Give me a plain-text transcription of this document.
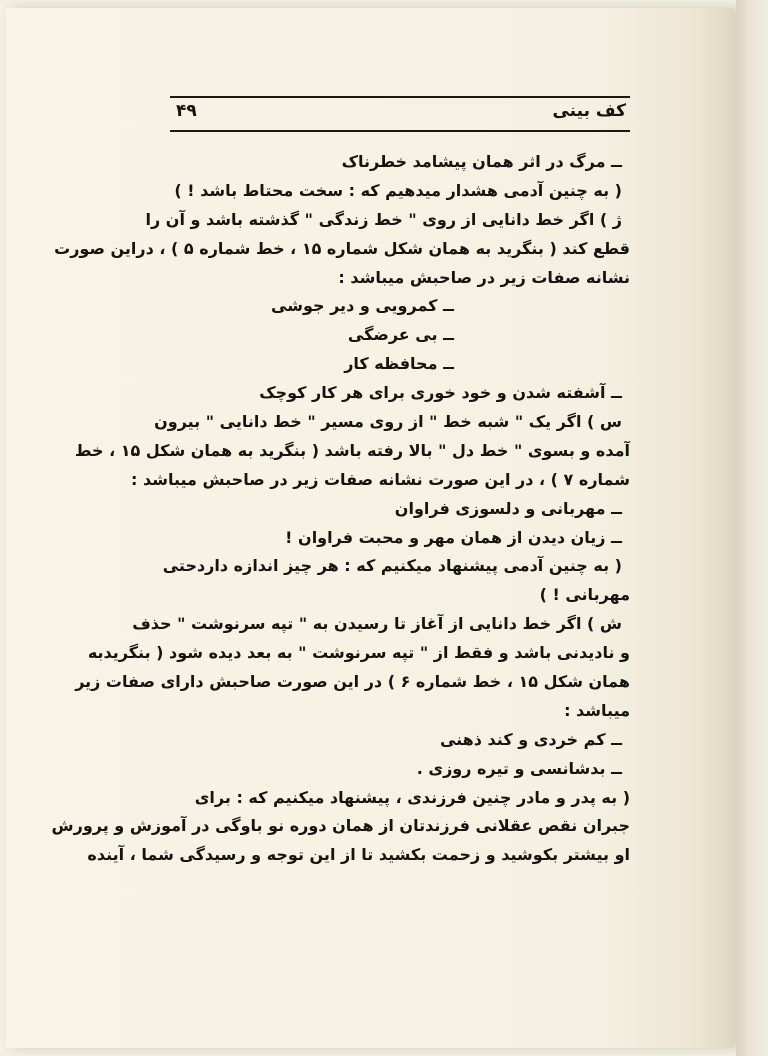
۴۹	کف بینی
ــ مرگ در اثر همان پیشامد خطرناک
( به چنین آدمی هشدار میدهیم که : سخت محتاط باشد ! )
ژ ) اگر خط دانایی از روی " خط زندگی " گذشته باشد و آن را
قطع کند ( بنگرید به همان شکل شماره ۱۵ ، خط شماره ۵ ) ، دراین صورت
نشانه صفات زیر در صاحبش میباشد :
ــ کمرویی و دیر جوشی
ــ بی عرضگی
ــ محافظه کار
ــ آشفته شدن و خود خوری برای هر کار کوچک
س ) اگر یک " شبه خط " از روی مسیر " خط دانایی " بیرون
آمده و بسوی " خط دل " بالا رفته باشد ( بنگرید به همان شکل ۱۵ ، خط
شماره ۷ ) ، در این صورت نشانه صفات زیر در صاحبش میباشد :
ــ مهربانی و دلسوزی فراوان
ــ زیان دیدن از همان مهر و محبت فراوان !
( به چنین آدمی پیشنهاد میکنیم که : هر چیز اندازه داردحتی
مهربانی ! )
ش ) اگر خط دانایی از آغاز تا رسیدن به " تپه سرنوشت " حذف
و نادیدنی باشد و فقط از " تپه سرنوشت " به بعد دیده شود ( بنگریدبه
همان شکل ۱۵ ، خط شماره ۶ ) در این صورت صاحبش دارای صفات زیر
میباشد :
ــ کم خردی و کند ذهنی
ــ بدشانسی و تیره روزی .
( به پدر و مادر چنین فرزندی ، پیشنهاد میکنیم که : برای
جبران نقص عقلانی فرزندتان از همان دوره نو باوگی در آموزش و پرورش
او بیشتر بکوشید و زحمت بکشید تا از این توجه و رسیدگی شما ، آینده
